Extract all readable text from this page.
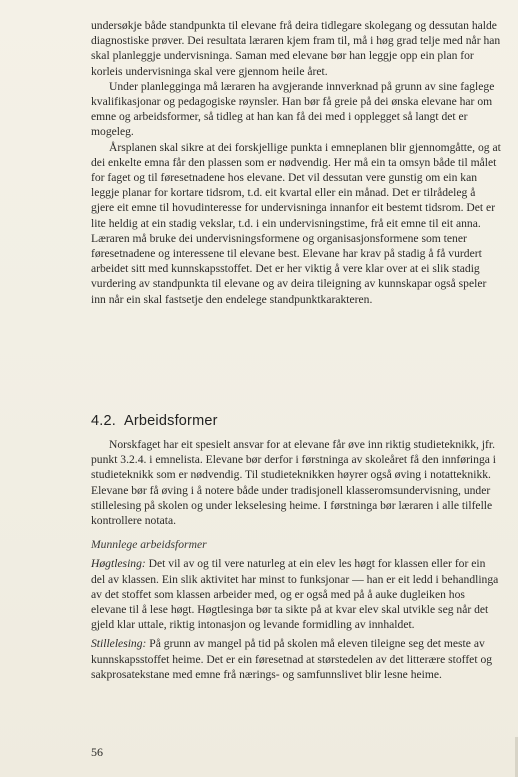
undersøkje både standpunkta til elevane frå deira tidlegare skolegang og dessutan halde diagnostiske prøver. Dei resultata læraren kjem fram til, må i høg grad telje med når han skal planleggje undervisninga. Saman med elevane bør han leggje opp ein plan for korleis undervisninga skal vere gjennom heile året.

Under planlegginga må læraren ha avgjerande innverknad på grunn av sine faglege kvalifikasjonar og pedagogiske røynsler. Han bør få greie på dei ønska elevane har om emne og arbeidsformer, så tidleg at han kan få dei med i opplegget så langt det er mogeleg.

Årsplanen skal sikre at dei forskjellige punkta i emneplanen blir gjennomgåtte, og at dei enkelte emna får den plassen som er nødvendig. Her må ein ta omsyn både til målet for faget og til føresetnadene hos elevane. Det vil dessutan vere gunstig om ein kan leggje planar for kortare tidsrom, t.d. eit kvartal eller ein månad. Det er tilrådeleg å gjere eit emne til hovudinteresse for undervisninga innanfor eit bestemt tidsrom. Det er lite heldig at ein stadig vekslar, t.d. i ein undervisningstime, frå eit emne til eit anna. Læraren må bruke dei undervisningsformene og organisasjonsformene som tener føresetnadene og interessene til elevane best. Elevane har krav på stadig å få vurdert arbeidet sitt med kunnskapsstoffet. Det er her viktig å vere klar over at ei slik stadig vurdering av standpunkta til elevane og av deira tileigning av kunnskapar også speler inn når ein skal fastsetje den endelege standpunktkarakteren.

4.2. Arbeidsformer

Norskfaget har eit spesielt ansvar for at elevane får øve inn riktig studieteknikk, jfr. punkt 3.2.4. i emnelista. Elevane bør derfor i førstninga av skoleåret få den innføringa i studieteknikk som er nødvendig. Til studieteknikken høyrer også øving i notatteknikk. Elevane bør få øving i å notere både under tradisjonell klasseromsundervisning, under stillelesing på skolen og under lekselesing heime. I førstninga bør læraren i alle tilfelle kontrollere notata.

Munnlege arbeidsformer

Høgtlesing: Det vil av og til vere naturleg at ein elev les høgt for klassen eller for ein del av klassen. Ein slik aktivitet har minst to funksjonar — han er eit ledd i behandlinga av det stoffet som klassen arbeider med, og er også med på å auke dugleiken hos elevane til å lese høgt. Høgtlesinga bør ta sikte på at kvar elev skal utvikle seg når det gjeld klar uttale, riktig intonasjon og levande formidling av innhaldet.

Stillelesing: På grunn av mangel på tid på skolen må eleven tileigne seg det meste av kunnskapsstoffet heime. Det er ein føresetnad at størstedelen av det litterære stoffet og sakprosatekstane med emne frå nærings- og samfunnslivet blir lesne heime.

56
